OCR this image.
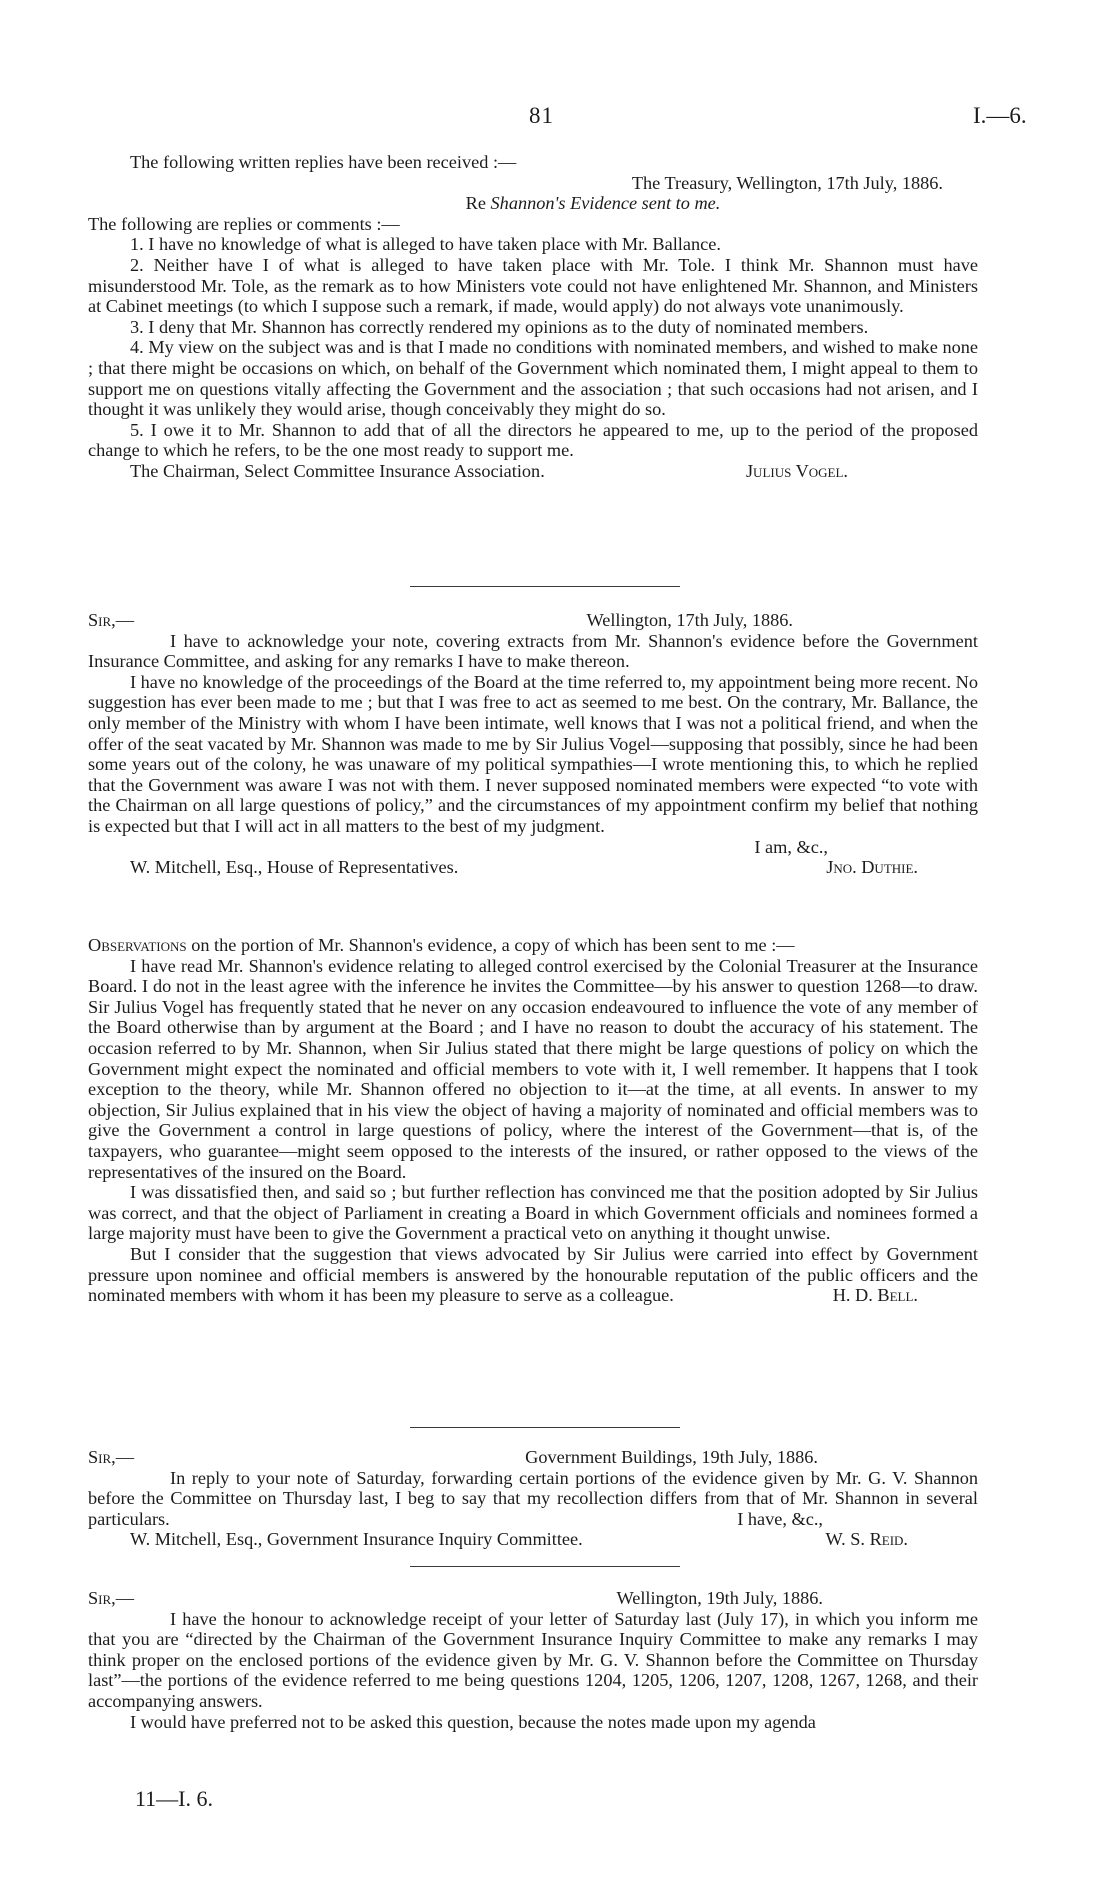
81	I.—6.

The following written replies have been received :—

The Treasury, Wellington, 17th July, 1886.

Re Shannon's Evidence sent to me.

The following are replies or comments :—

1. I have no knowledge of what is alleged to have taken place with Mr. Ballance.

2. Neither have I of what is alleged to have taken place with Mr. Tole. I think Mr. Shannon must have misunderstood Mr. Tole, as the remark as to how Ministers vote could not have enlightened Mr. Shannon, and Ministers at Cabinet meetings (to which I suppose such a remark, if made, would apply) do not always vote unanimously.

3. I deny that Mr. Shannon has correctly rendered my opinions as to the duty of nominated members.

4. My view on the subject was and is that I made no conditions with nominated members, and wished to make none ; that there might be occasions on which, on behalf of the Government which nominated them, I might appeal to them to support me on questions vitally affecting the Government and the association ; that such occasions had not arisen, and I thought it was unlikely they would arise, though conceivably they might do so.

5. I owe it to Mr. Shannon to add that of all the directors he appeared to me, up to the period of the proposed change to which he refers, to be the one most ready to support me.

The Chairman, Select Committee Insurance Association.	Julius Vogel.
Sir,—	Wellington, 17th July, 1886.

I have to acknowledge your note, covering extracts from Mr. Shannon's evidence before the Government Insurance Committee, and asking for any remarks I have to make thereon.

I have no knowledge of the proceedings of the Board at the time referred to, my appointment being more recent. No suggestion has ever been made to me ; but that I was free to act as seemed to me best. On the contrary, Mr. Ballance, the only member of the Ministry with whom I have been intimate, well knows that I was not a political friend, and when the offer of the seat vacated by Mr. Shannon was made to me by Sir Julius Vogel—supposing that possibly, since he had been some years out of the colony, he was unaware of my political sympathies—I wrote mentioning this, to which he replied that the Government was aware I was not with them. I never supposed nominated members were expected “to vote with the Chairman on all large questions of policy,” and the circumstances of my appointment confirm my belief that nothing is expected but that I will act in all matters to the best of my judgment.

I am, &c.,

W. Mitchell, Esq., House of Representatives.	Jno. Duthie.

Observations on the portion of Mr. Shannon's evidence, a copy of which has been sent to me :—

I have read Mr. Shannon's evidence relating to alleged control exercised by the Colonial Treasurer at the Insurance Board. I do not in the least agree with the inference he invites the Committee—by his answer to question 1268—to draw. Sir Julius Vogel has frequently stated that he never on any occasion endeavoured to influence the vote of any member of the Board otherwise than by argument at the Board ; and I have no reason to doubt the accuracy of his statement. The occasion referred to by Mr. Shannon, when Sir Julius stated that there might be large questions of policy on which the Government might expect the nominated and official members to vote with it, I well remember. It happens that I took exception to the theory, while Mr. Shannon offered no objection to it—at the time, at all events. In answer to my objection, Sir Julius explained that in his view the object of having a majority of nominated and official members was to give the Government a control in large questions of policy, where the interest of the Government—that is, of the taxpayers, who guarantee—might seem opposed to the interests of the insured, or rather opposed to the views of the representatives of the insured on the Board.

I was dissatisfied then, and said so ; but further reflection has convinced me that the position adopted by Sir Julius was correct, and that the object of Parliament in creating a Board in which Government officials and nominees formed a large majority must have been to give the Government a practical veto on anything it thought unwise.

But I consider that the suggestion that views advocated by Sir Julius were carried into effect by Government pressure upon nominee and official members is answered by the honourable reputation of the public officers and the nominated members with whom it has been my pleasure to serve as a colleague.	H. D. Bell.

Sir,—	Government Buildings, 19th July, 1886.

In reply to your note of Saturday, forwarding certain portions of the evidence given by Mr. G. V. Shannon before the Committee on Thursday last, I beg to say that my recollection differs from that of Mr. Shannon in several particulars.	I have, &c.,

W. Mitchell, Esq., Government Insurance Inquiry Committee.	W. S. Reid.
Sir,—	Wellington, 19th July, 1886.

I have the honour to acknowledge receipt of your letter of Saturday last (July 17), in which you inform me that you are “directed by the Chairman of the Government Insurance Inquiry Committee to make any remarks I may think proper on the enclosed portions of the evidence given by Mr. G. V. Shannon before the Committee on Thursday last”—the portions of the evidence referred to me being questions 1204, 1205, 1206, 1207, 1208, 1267, 1268, and their accompanying answers.

I would have preferred not to be asked this question, because the notes made upon my agenda

11—I. 6.
